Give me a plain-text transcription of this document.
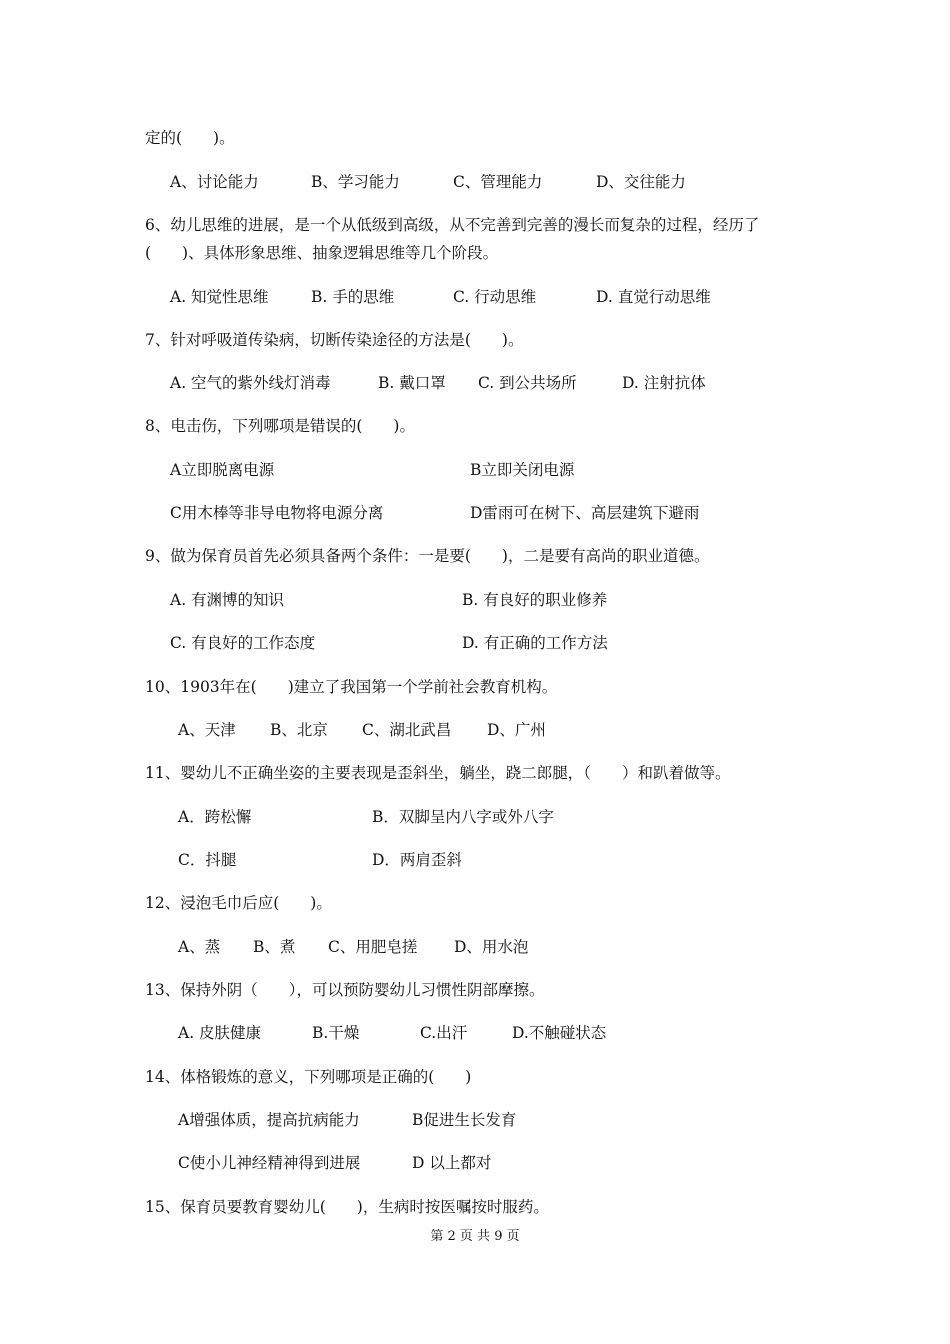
定的(　　)。
A、讨论能力	B、学习能力	C、管理能力	D、交往能力
6、幼儿思维的进展，是一个从低级到高级，从不完善到完善的漫长而复杂的过程，经历了
(　　)、具体形象思维、抽象逻辑思维等几个阶段。
A. 知觉性思维	B. 手的思维	C. 行动思维	D. 直觉行动思维
7、针对呼吸道传染病，切断传染途径的方法是(　　)。
A. 空气的紫外线灯消毒	B. 戴口罩 C. 到公共场所	D. 注射抗体
8、电击伤，下列哪项是错误的(　　)。
A立即脱离电源	B立即关闭电源
C用木棒等非导电物将电源分离	D雷雨可在树下、高层建筑下避雨
9、做为保育员首先必须具备两个条件：一是要(　　)，二是要有高尚的职业道德。
A. 有渊博的知识	B. 有良好的职业修养
C. 有良好的工作态度	D. 有正确的工作方法
10、1903年在(　　)建立了我国第一个学前社会教育机构。
A、天津 B、北京 C、湖北武昌 D、广州
11、婴幼儿不正确坐姿的主要表现是歪斜坐，躺坐，跷二郎腿，（　　）和趴着做等。
A．跨松懈	B．双脚呈内八字或外八字
C．抖腿	D．两肩歪斜
12、浸泡毛巾后应(　　)。
A、蒸 B、煮 C、用肥皂搓 D、用水泡
13、保持外阴（　　），可以预防婴幼儿习惯性阴部摩擦。
A. 皮肤健康	B.干燥	C.出汗	D.不触碰状态
14、体格锻炼的意义，下列哪项是正确的(　　)
A增强体质，提高抗病能力	B促进生长发育
C使小儿神经精神得到进展	D 以上都对
15、保育员要教育婴幼儿(　　)，生病时按医嘱按时服药。
第 2 页 共 9 页
